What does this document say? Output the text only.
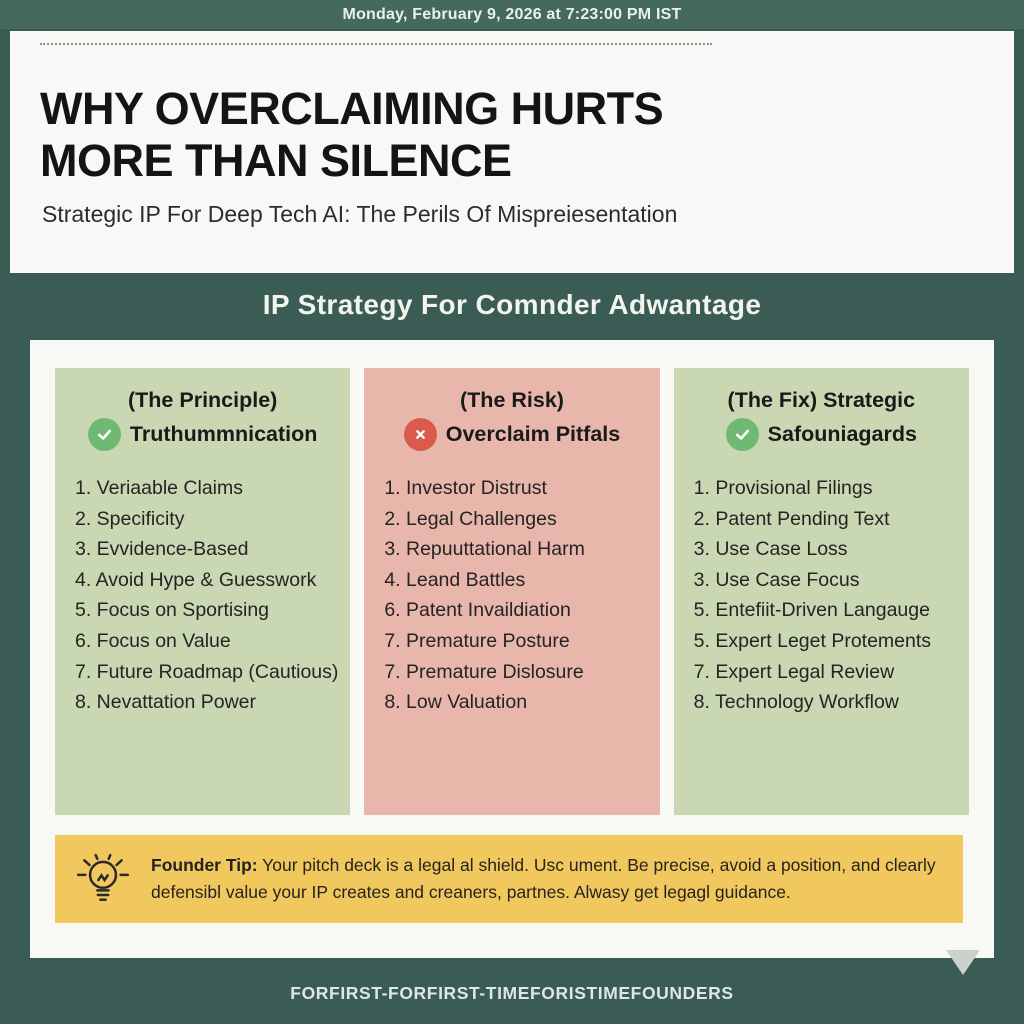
Monday, February 9, 2026 at 7:23:00 PM IST
WHY OVERCLAIMING HURTS
MORE THAN SILENCE
Strategic IP For Deep Tech AI: The Perils Of Mispreiesentation
IP Strategy For Comnder Adwantage
(The Principle)
Truthummnication
1. Veriaable Claims
2. Specificity
3. Evvidence-Based
4. Avoid Hype & Guesswork
5. Focus on Sportising
6. Focus on Value
7. Future Roadmap (Cautious)
8. Nevattation Power
(The Risk)
Overclaim Pitfals
1. Investor Distrust
2. Legal Challenges
3. Repuuttational Harm
4. Leand Battles
6. Patent Invaildiation
7. Premature Posture
7. Premature Dislosure
8. Low Valuation
(The Fix) Strategic
Safouniagards
1. Provisional Filings
2. Patent Pending Text
3. Use Case Loss
3. Use Case Focus
5. Entefiit-Driven Langauge
5. Expert Leget Protements
7. Expert Legal Review
8. Technology Workflow

Founder Tip: Your pitch deck is a legal al shield. Usc ument. Be precise, avoid a position, and clearly defensibl value your IP creates and creaners, partnes. Alwasy get legagl guidance.

FORFIRST-FORFIRST-TIMEFORISTIMEFOUNDERS
